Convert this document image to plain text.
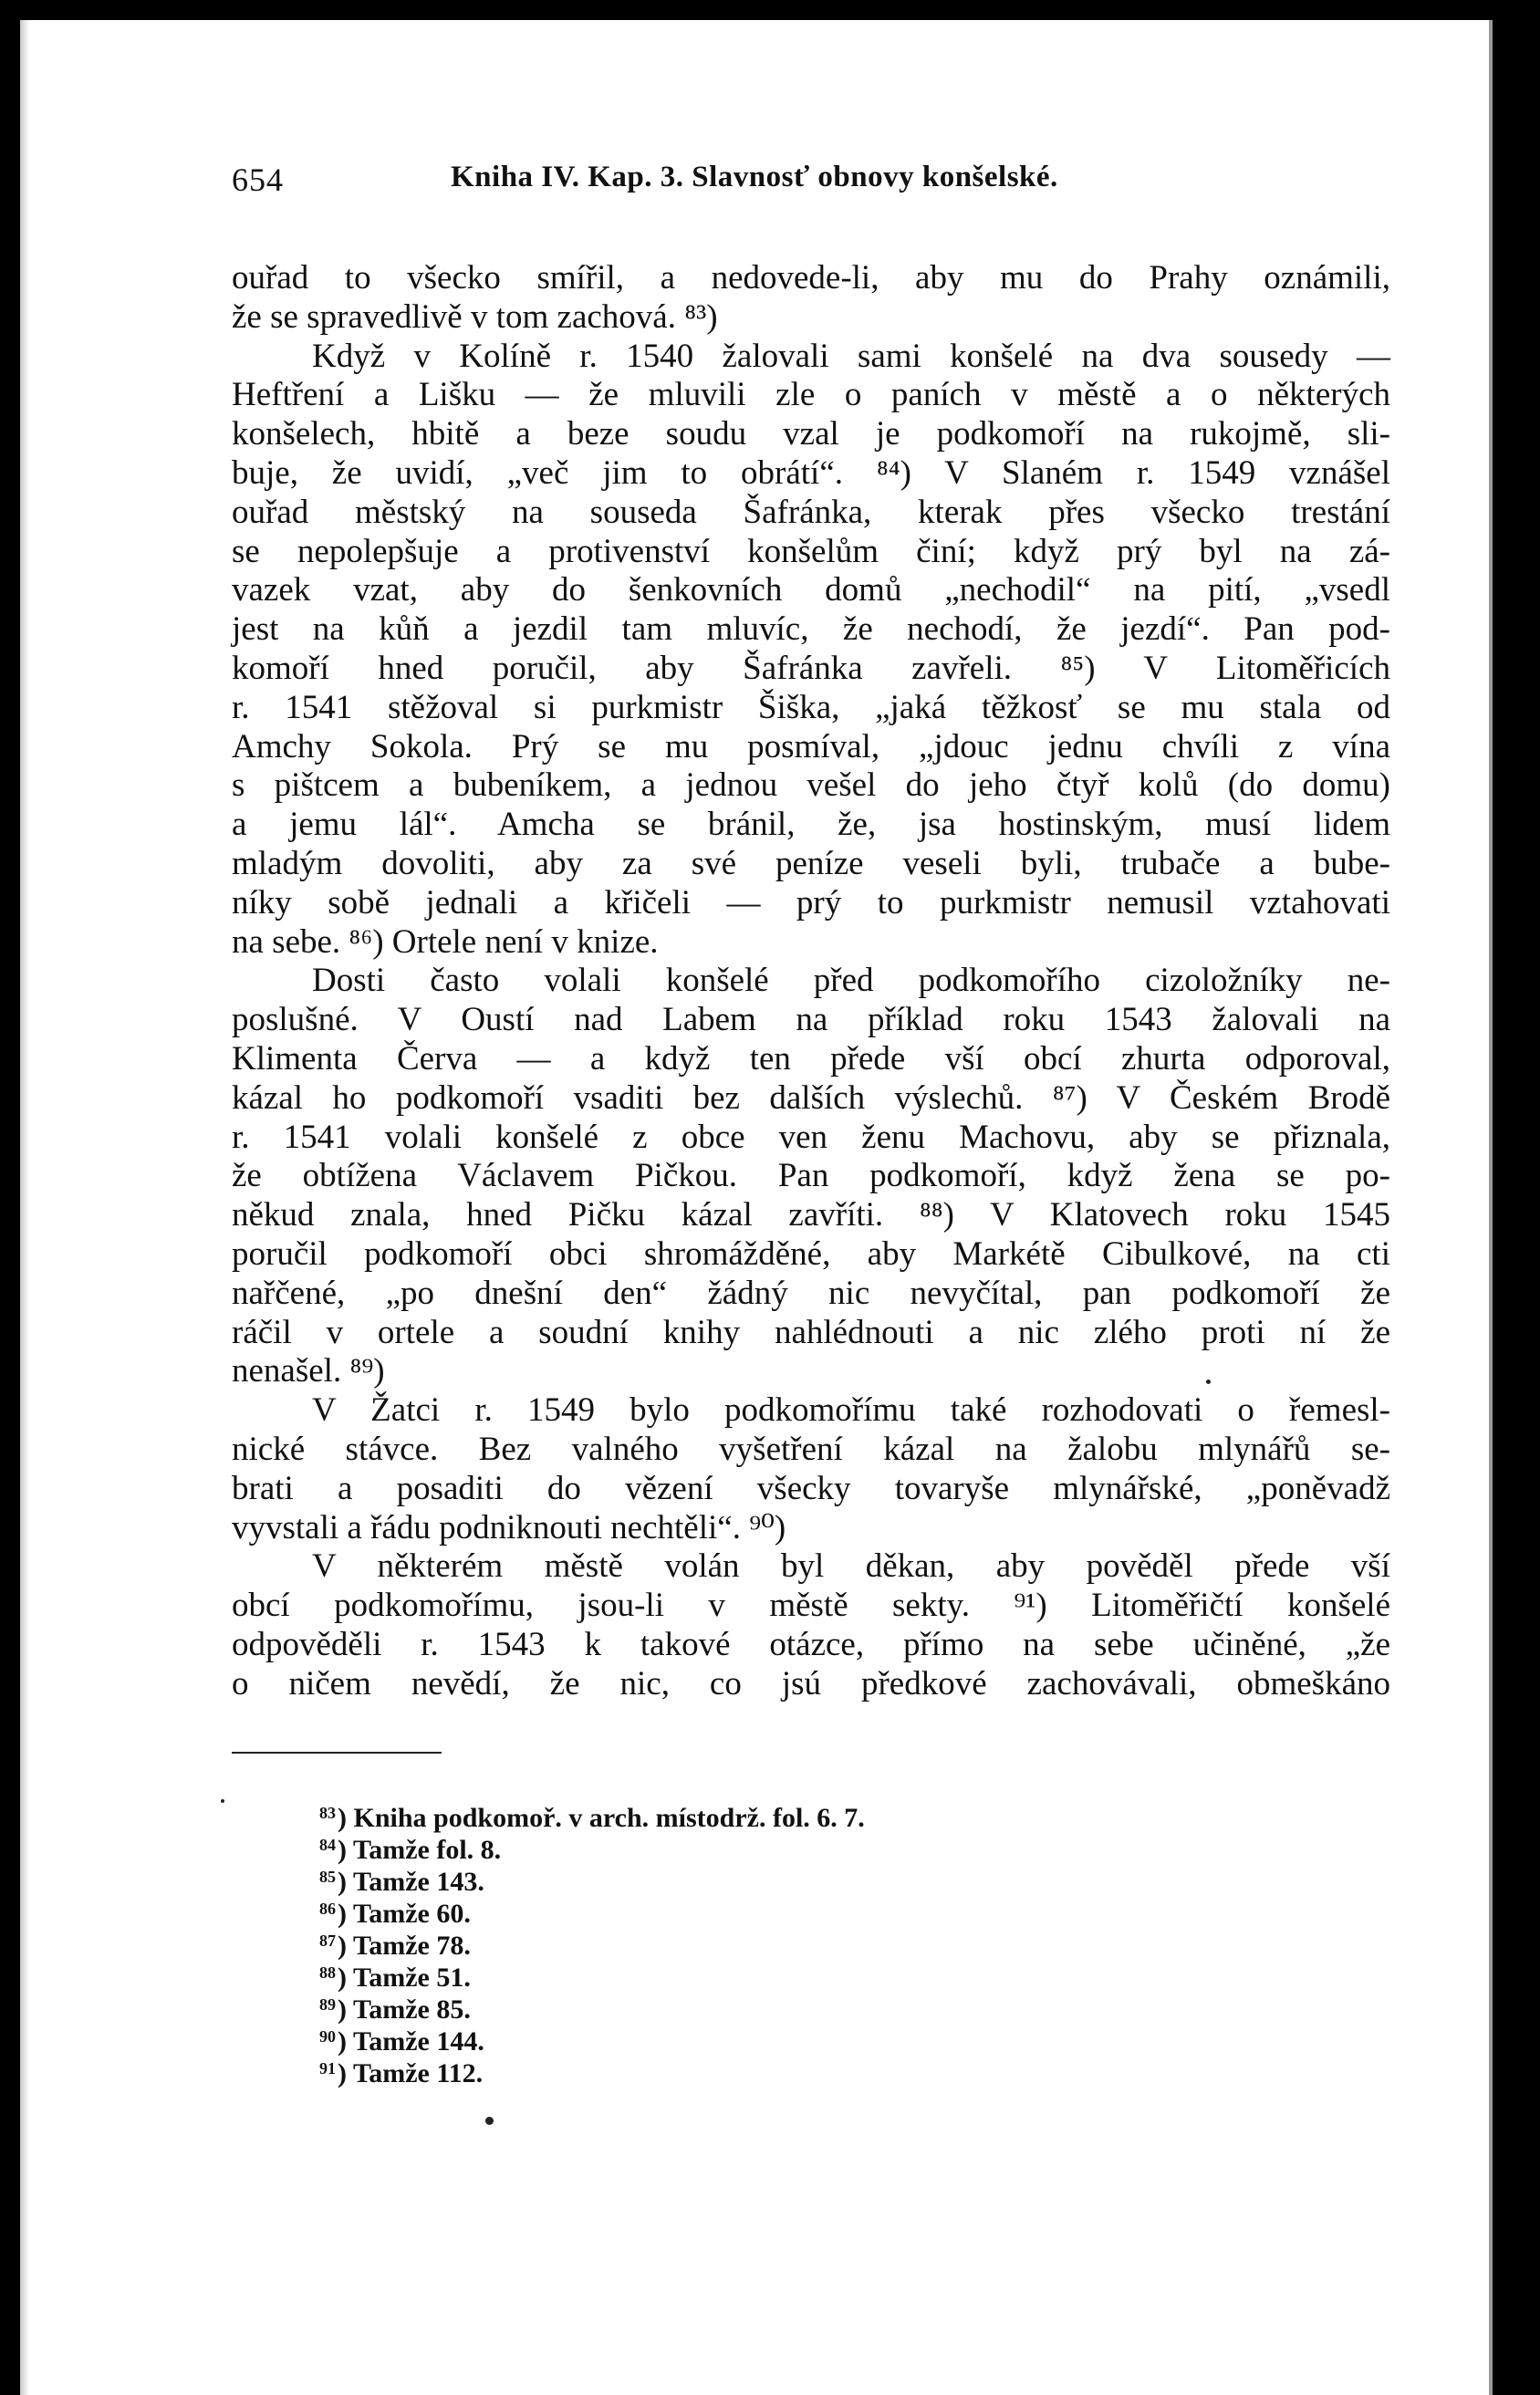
654	Kniha IV. Kap. 3. Slavnosť obnovy konšelské.
ouřad to všecko smířil, a nedovede-li, aby mu do Prahy oznámili,
že se spravedlivě v tom zachová. ⁸³)
Když v Kolíně r. 1540 žalovali sami konšelé na dva sousedy —
Heftření a Lišku — že mluvili zle o paních v městě a o některých
konšelech, hbitě a beze soudu vzal je podkomoří na rukojmě, sli-
buje, že uvidí, „več jim to obrátí“. ⁸⁴) V Slaném r. 1549 vznášel
ouřad městský na souseda Šafránka, kterak přes všecko trestání
se nepolepšuje a protivenství konšelům činí; když prý byl na zá-
vazek vzat, aby do šenkovních domů „nechodil“ na pití, „vsedl
jest na kůň a jezdil tam mluvíc, že nechodí, že jezdí“. Pan pod-
komoří hned poručil, aby Šafránka zavřeli. ⁸⁵) V Litoměřicích
r. 1541 stěžoval si purkmistr Šiška, „jaká těžkosť se mu stala od
Amchy Sokola. Prý se mu posmíval, „jdouc jednu chvíli z vína
s pištcem a bubeníkem, a jednou vešel do jeho čtyř kolů (do domu)
a jemu lál“. Amcha se bránil, že, jsa hostinským, musí lidem
mladým dovoliti, aby za své peníze veseli byli, trubače a bube-
níky sobě jednali a křičeli — prý to purkmistr nemusil vztahovati
na sebe. ⁸⁶) Ortele není v knize.
Dosti často volali konšelé před podkomořího cizoložníky ne-
poslušné. V Oustí nad Labem na příklad roku 1543 žalovali na
Klimenta Červa — a když ten přede vší obcí zhurta odporoval,
kázal ho podkomoří vsaditi bez dalších výslechů. ⁸⁷) V Českém Brodě
r. 1541 volali konšelé z obce ven ženu Machovu, aby se přiznala,
že obtížena Václavem Pičkou. Pan podkomoří, když žena se po-
někud znala, hned Pičku kázal zavříti. ⁸⁸) V Klatovech roku 1545
poručil podkomoří obci shromážděné, aby Markétě Cibulkové, na cti
nařčené, „po dnešní den“ žádný nic nevyčítal, pan podkomoří že
ráčil v ortele a soudní knihy nahlédnouti a nic zlého proti ní že
nenašel. ⁸⁹)
V Žatci r. 1549 bylo podkomořímu také rozhodovati o řemesl-
nické stávce. Bez valného vyšetření kázal na žalobu mlynářů se-
brati a posaditi do vězení všecky tovaryše mlynářské, „poněvadž
vyvstali a řádu podniknouti nechtěli“. ⁹⁰)
V některém městě volán byl děkan, aby pověděl přede vší
obcí podkomořímu, jsou-li v městě sekty. ⁹¹) Litoměřičtí konšelé
odpověděli r. 1543 k takové otázce, přímo na sebe učiněné, „že
o ničem nevědí, že nic, co jsú předkové zachovávali, obmeškáno
$^{83}$) Kniha podkomoř. v arch. místodrž. fol. 6. 7.
$^{84}$) Tamže fol. 8.
$^{85}$) Tamže 143.
$^{86}$) Tamže 60.
$^{87}$) Tamže 78.
$^{88}$) Tamže 51.
$^{89}$) Tamže 85.
$^{90}$) Tamže 144.
$^{91}$) Tamže 112.
